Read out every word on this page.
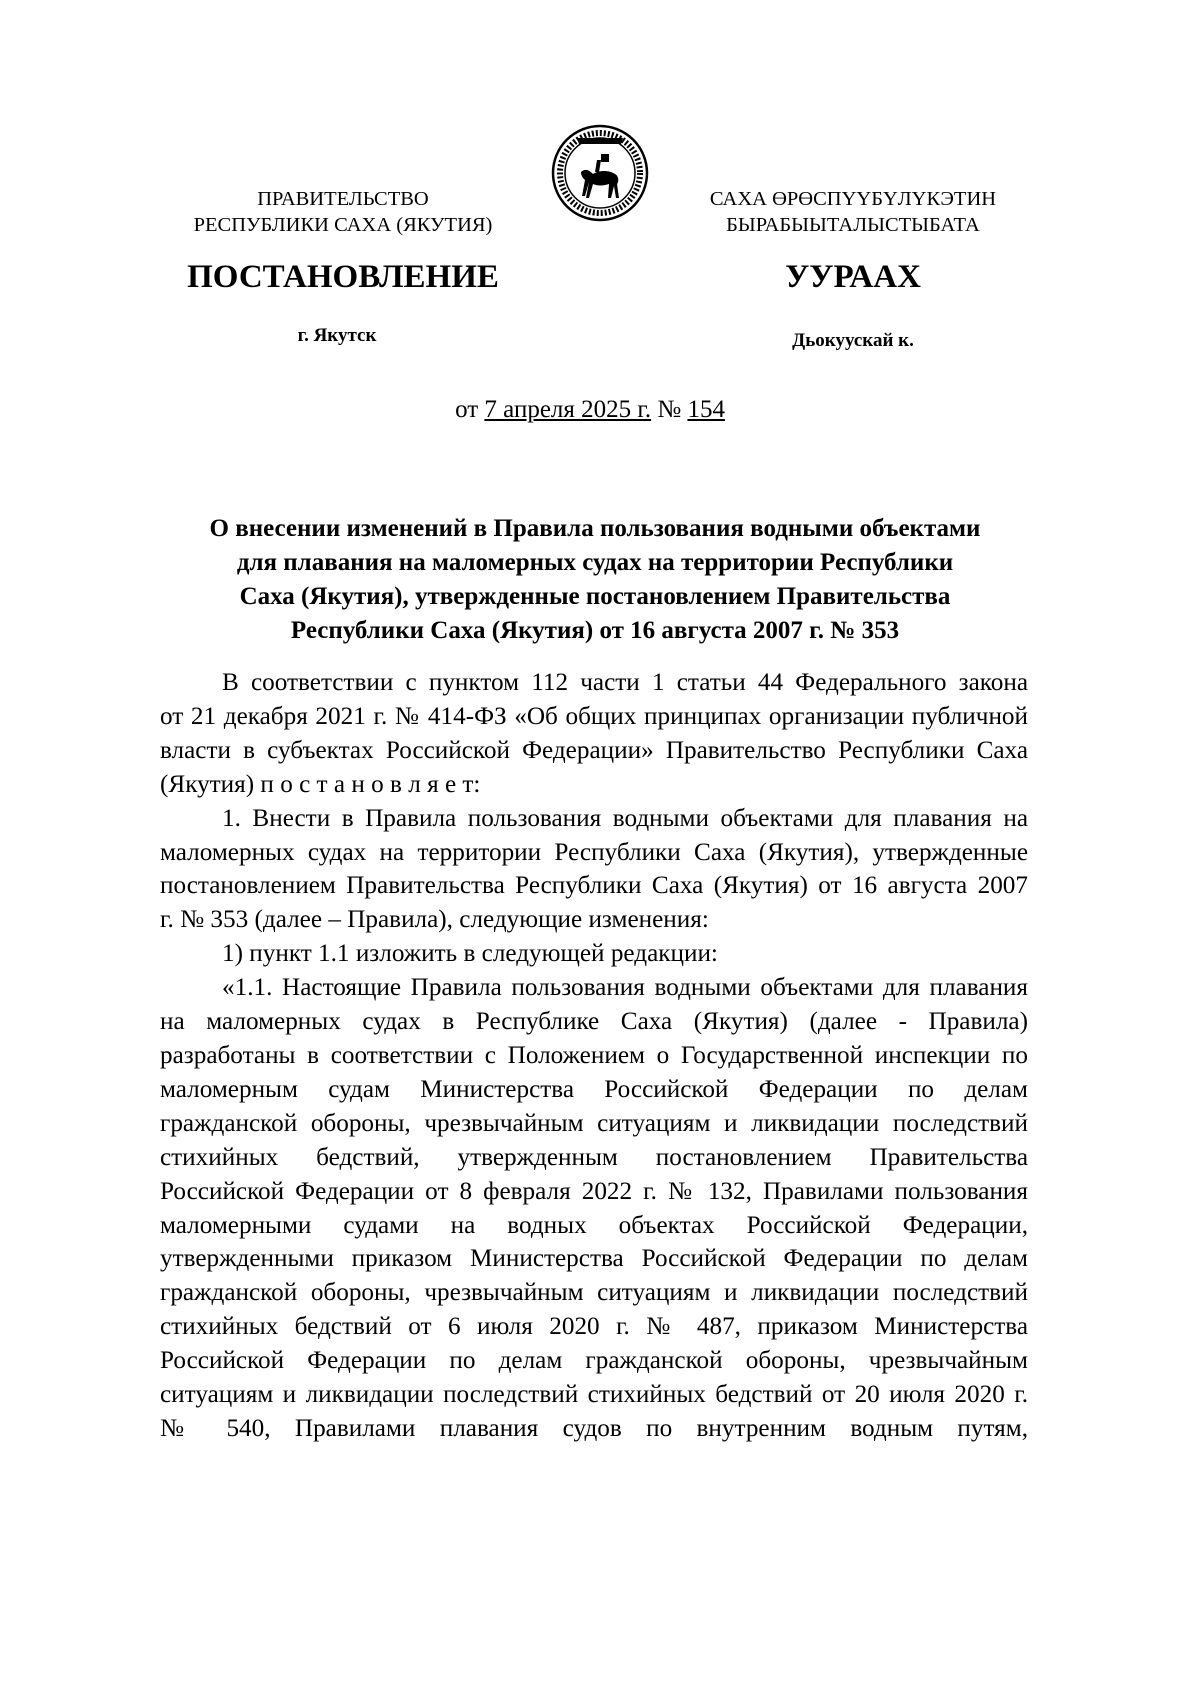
ПРАВИТЕЛЬСТВО
РЕСПУБЛИКИ САХА (ЯКУТИЯ)
САХА ӨРӨСПҮҮБҮЛҮКЭТИН
БЫРАБЫЫТАЛЫСТЫБАТА
ПОСТАНОВЛЕНИЕ	УУРААХ
г. Якутск	Дьокуускай к.
от 7 апреля 2025 г. № 154
О внесении изменений в Правила пользования водными объектами
для плавания на маломерных судах на территории Республики
Саха (Якутия), утвержденные постановлением Правительства
Республики Саха (Якутия) от 16 августа 2007 г. № 353
В соответствии с пунктом 112 части 1 статьи 44 Федерального закона
от 21 декабря 2021 г. № 414-ФЗ «Об общих принципах организации публичной
власти в субъектах Российской Федерации» Правительство Республики Саха
(Якутия) п о с т а н о в л я е т:
1. Внести в Правила пользования водными объектами для плавания на
маломерных судах на территории Республики Саха (Якутия), утвержденные
постановлением Правительства Республики Саха (Якутия) от 16 августа 2007
г. № 353 (далее – Правила), следующие изменения:
1) пункт 1.1 изложить в следующей редакции:
«1.1. Настоящие Правила пользования водными объектами для плавания
на маломерных судах в Республике Саха (Якутия) (далее - Правила)
разработаны в соответствии с Положением о Государственной инспекции по
маломерным судам Министерства Российской Федерации по делам
гражданской обороны, чрезвычайным ситуациям и ликвидации последствий
стихийных бедствий, утвержденным постановлением Правительства
Российской Федерации от 8 февраля 2022 г. № 132, Правилами пользования
маломерными судами на водных объектах Российской Федерации,
утвержденными приказом Министерства Российской Федерации по делам
гражданской обороны, чрезвычайным ситуациям и ликвидации последствий
стихийных бедствий от 6 июля 2020 г. № 487, приказом Министерства
Российской Федерации по делам гражданской обороны, чрезвычайным
ситуациям и ликвидации последствий стихийных бедствий от 20 июля 2020 г.
№ 540, Правилами плавания судов по внутренним водным путям,
